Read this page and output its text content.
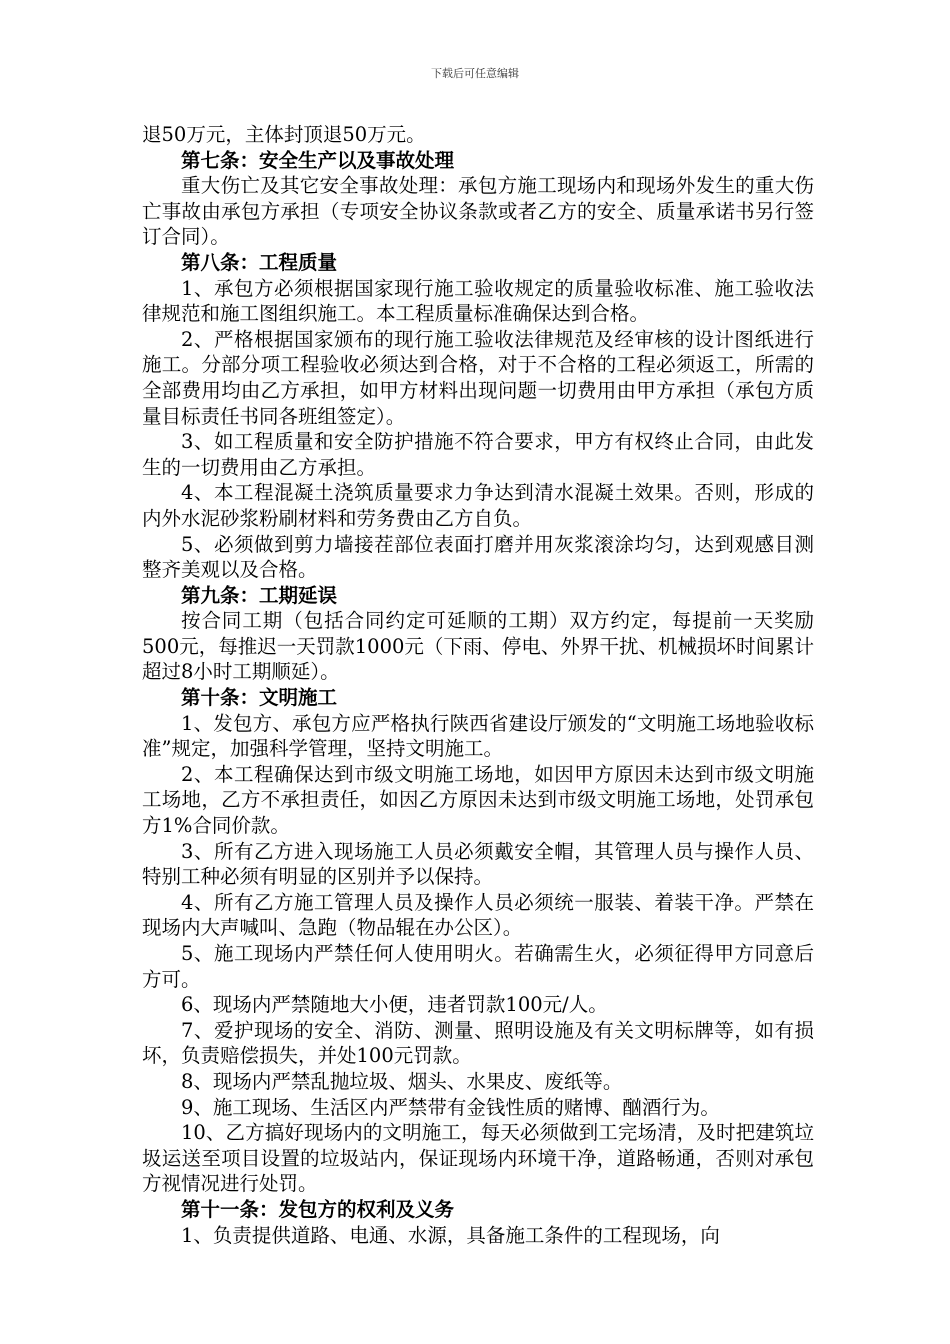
下载后可任意编辑

退50万元，主体封顶退50万元。

第七条：安全生产以及事故处理

重大伤亡及其它安全事故处理：承包方施工现场内和现场外发生的重大伤亡事故由承包方承担（专项安全协议条款或者乙方的安全、质量承诺书另行签订合同）。

第八条：工程质量

1、承包方必须根据国家现行施工验收规定的质量验收标准、施工验收法律规范和施工图组织施工。本工程质量标准确保达到合格。

2、严格根据国家颁布的现行施工验收法律规范及经审核的设计图纸进行施工。分部分项工程验收必须达到合格，对于不合格的工程必须返工，所需的全部费用均由乙方承担，如甲方材料出现问题一切费用由甲方承担（承包方质量目标责任书同各班组签定）。

3、如工程质量和安全防护措施不符合要求，甲方有权终止合同，由此发生的一切费用由乙方承担。

4、本工程混凝土浇筑质量要求力争达到清水混凝土效果。否则，形成的内外水泥砂浆粉刷材料和劳务费由乙方自负。

5、必须做到剪力墙接茬部位表面打磨并用灰浆滚涂均匀，达到观感目测整齐美观以及合格。

第九条：工期延误

按合同工期（包括合同约定可延顺的工期）双方约定，每提前一天奖励500元，每推迟一天罚款1000元（下雨、停电、外界干扰、机械损坏时间累计超过8小时工期顺延）。

第十条：文明施工

1、发包方、承包方应严格执行陕西省建设厅颁发的“文明施工场地验收标准”规定，加强科学管理，坚持文明施工。

2、本工程确保达到市级文明施工场地，如因甲方原因未达到市级文明施工场地，乙方不承担责任，如因乙方原因未达到市级文明施工场地，处罚承包方1%合同价款。

3、所有乙方进入现场施工人员必须戴安全帽，其管理人员与操作人员、特别工种必须有明显的区别并予以保持。

4、所有乙方施工管理人员及操作人员必须统一服装、着装干净。严禁在现场内大声喊叫、急跑（物品辊在办公区）。

5、施工现场内严禁任何人使用明火。若确需生火，必须征得甲方同意后方可。

6、现场内严禁随地大小便，违者罚款100元/人。

7、爱护现场的安全、消防、测量、照明设施及有关文明标牌等，如有损坏，负责赔偿损失，并处100元罚款。

8、现场内严禁乱抛垃圾、烟头、水果皮、废纸等。

9、施工现场、生活区内严禁带有金钱性质的赌博、酗酒行为。

10、乙方搞好现场内的文明施工，每天必须做到工完场清，及时把建筑垃圾运送至项目设置的垃圾站内，保证现场内环境干净，道路畅通，否则对承包方视情况进行处罚。

第十一条：发包方的权利及义务

1、负责提供道路、电通、水源，具备施工条件的工程现场，向
